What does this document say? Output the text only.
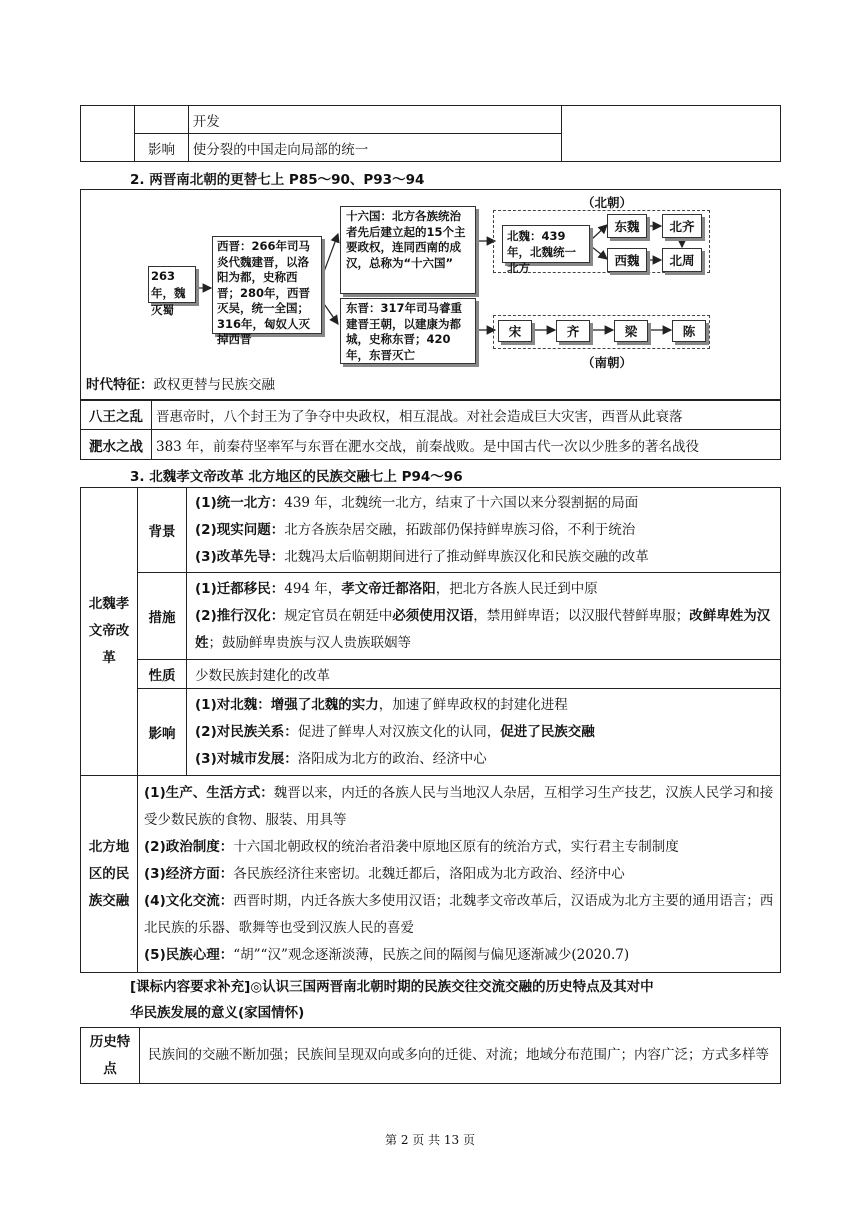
		开发	
	影响	使分裂的中国走向局部的统一	
2. 两晋南北朝的更替七上 P85～90、P93～94
（北朝）
（南朝）
263年，魏灭蜀
西晋：266年司马炎代魏建晋，以洛阳为都，史称西晋；280年，西晋灭吴，统一全国；316年，匈奴人灭掉西晋
十六国：北方各族统治者先后建立起的15个主要政权，连同西南的成汉，总称为“十六国”
东晋：317年司马睿重建晋王朝，以建康为都城，史称东晋；420年，东晋灭亡
北魏：439年，北魏统一北方
东魏
西魏
北齐
北周
宋	齐	梁	陈
时代特征：政权更替与民族交融
八王之乱	晋惠帝时，八个封王为了争夺中央政权，相互混战。对社会造成巨大灾害，西晋从此衰落
淝水之战	383 年，前秦苻坚率军与东晋在淝水交战，前秦战败。是中国古代一次以少胜多的著名战役
3. 北魏孝文帝改革 北方地区的民族交融七上 P94～96
北魏孝文帝改革	背景	(1)统一北方：439 年，北魏统一北方，结束了十六国以来分裂割据的局面
(2)现实问题：北方各族杂居交融，拓跋部仍保持鲜卑族习俗，不利于统治
(3)改革先导：北魏冯太后临朝期间进行了推动鲜卑族汉化和民族交融的改革

	措施	(1)迁都移民：494 年，孝文帝迁都洛阳，把北方各族人民迁到中原
(2)推行汉化：规定官员在朝廷中必须使用汉语，禁用鲜卑语；以汉服代替鲜卑服；改鲜卑姓为汉姓；鼓励鲜卑贵族与汉人贵族联姻等

	性质	少数民族封建化的改革
	影响	(1)对北魏：增强了北魏的实力，加速了鲜卑政权的封建化进程
(2)对民族关系：促进了鲜卑人对汉族文化的认同，促进了民族交融
(3)对城市发展：洛阳成为北方的政治、经济中心

北方地区的民族交融	(1)生产、生活方式：魏晋以来，内迁的各族人民与当地汉人杂居，互相学习生产技艺，汉族人民学习和接受少数民族的食物、服装、用具等
(2)政治制度：十六国北朝政权的统治者沿袭中原地区原有的统治方式，实行君主专制制度
(3)经济方面：各民族经济往来密切。北魏迁都后，洛阳成为北方政治、经济中心
(4)文化交流：西晋时期，内迁各族大多使用汉语；北魏孝文帝改革后，汉语成为北方主要的通用语言；西北民族的乐器、歌舞等也受到汉族人民的喜爱
(5)民族心理：“胡”“汉”观念逐渐淡薄，民族之间的隔阂与偏见逐渐减少(2020.7)	
[课标内容要求补充]◎认识三国两晋南北朝时期的民族交往交流交融的历史特点及其对中
华民族发展的意义(家国情怀)
历史特点	民族间的交融不断加强；民族间呈现双向或多向的迁徙、对流；地域分布范围广；内容广泛；方式多样等
第 2 页 共 13 页
